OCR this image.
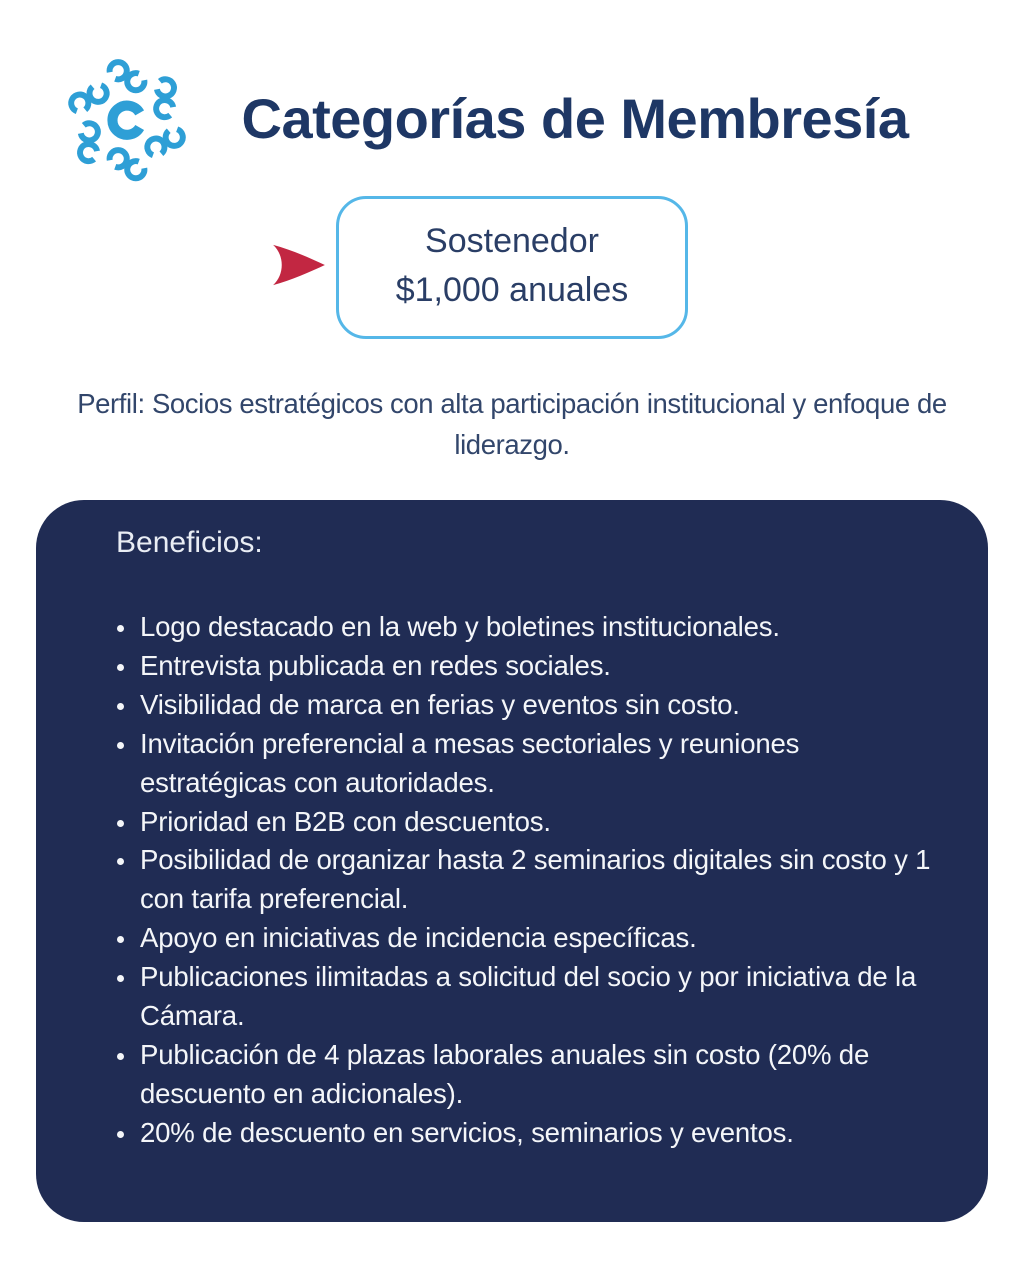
Categorías de Membresía
Sostenedor
$1,000 anuales

Perfil: Socios estratégicos con alta participación institucional y enfoque de liderazgo.

Beneficios:
• Logo destacado en la web y boletines institucionales.
• Entrevista publicada en redes sociales.
• Visibilidad de marca en ferias y eventos sin costo.
• Invitación preferencial a mesas sectoriales y reuniones estratégicas con autoridades.
• Prioridad en B2B con descuentos.
• Posibilidad de organizar hasta 2 seminarios digitales sin costo y 1 con tarifa preferencial.
• Apoyo en iniciativas de incidencia específicas.
• Publicaciones ilimitadas a solicitud del socio y por iniciativa de la Cámara.
• Publicación de 4 plazas laborales anuales sin costo (20% de descuento en adicionales).
• 20% de descuento en servicios, seminarios y eventos.
